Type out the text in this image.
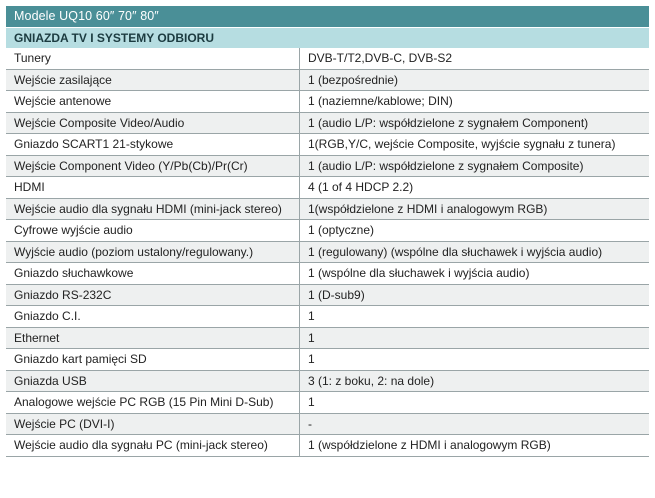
Modele UQ10 60″ 70″ 80″
GNIAZDA TV I SYSTEMY ODBIORU
Tunery	DVB-T/T2,DVB-C, DVB-S2
Wejście zasilające	1 (bezpośrednie)
Wejście antenowe	1 (naziemne/kablowe; DIN)
Wejście Composite Video/Audio	1 (audio L/P: współdzielone z sygnałem Component)
Gniazdo SCART1 21-stykowe	1(RGB,Y/C, wejście Composite, wyjście sygnału z tunera)
Wejście Component Video (Y/Pb(Cb)/Pr(Cr)	1 (audio L/P: współdzielone z sygnałem Composite)
HDMI	4 (1 of 4 HDCP 2.2)
Wejście audio dla sygnału HDMI (mini-jack stereo)	1(współdzielone z HDMI i analogowym RGB)
Cyfrowe wyjście audio	1 (optyczne)
Wyjście audio (poziom ustalony/regulowany.)	1 (regulowany) (wspólne dla słuchawek i wyjścia audio)
Gniazdo słuchawkowe	1 (wspólne dla słuchawek i wyjścia audio)
Gniazdo RS-232C	1 (D-sub9)
Gniazdo C.I.	1
Ethernet	1
Gniazdo kart pamięci SD	1
Gniazda USB	3 (1: z boku, 2: na dole)
Analogowe wejście PC RGB (15 Pin Mini D-Sub)	1
Wejście PC (DVI-I)	-
Wejście audio dla sygnału PC (mini-jack stereo)	1 (współdzielone z HDMI i analogowym RGB)
